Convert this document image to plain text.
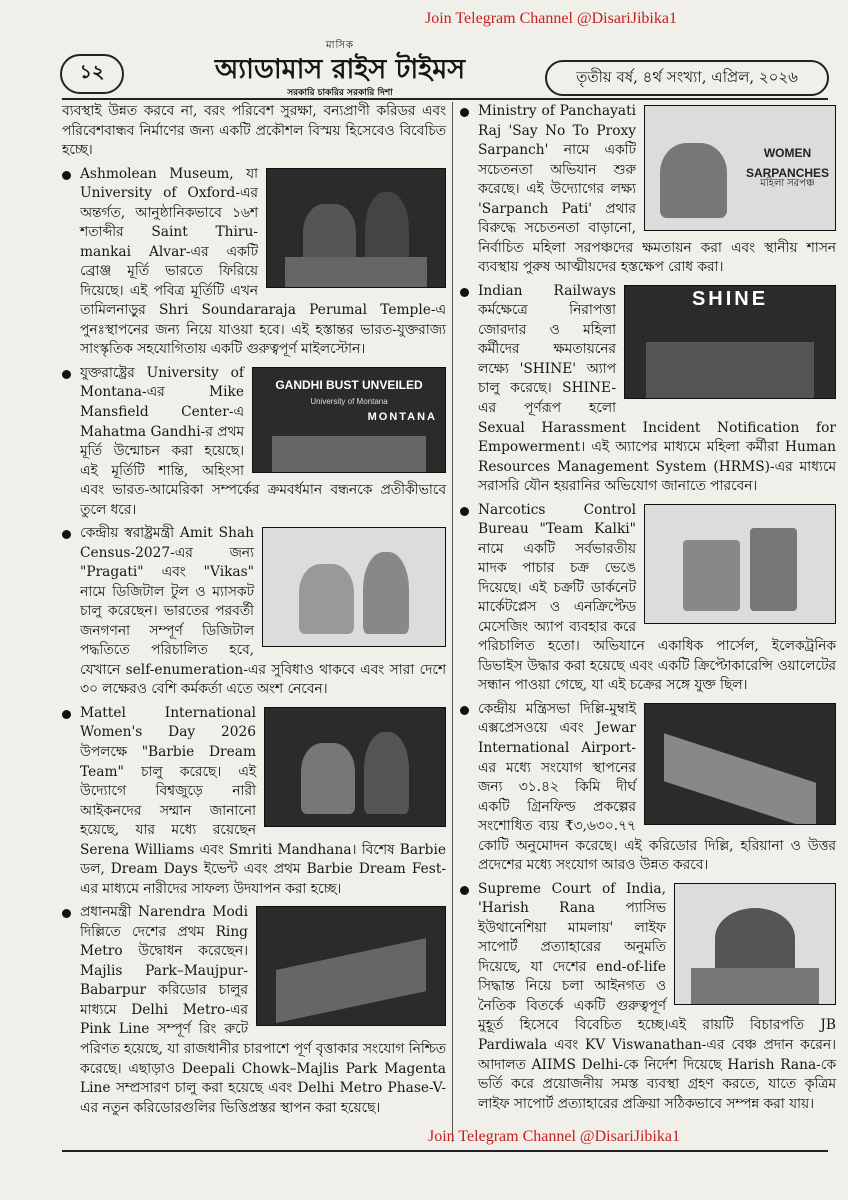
১২
মাসিক
অ্যাডামাস রাইস টাইমস
সরকারি চাকরির সরকারি দিশা
Join Telegram Channel @DisariJibika1
তৃতীয় বর্ষ, ৪র্থ সংখ্যা, এপ্রিল, ২০২৬
ব্যবস্থাই উন্নত করবে না, বরং পরিবেশ সুরক্ষা, বন্যপ্রাণী করিডর এবং পরিবেশবান্ধব নির্মাণের জন্য একটি প্রকৌশল বিস্ময় হিসেবেও বিবেচিত হচ্ছে।
Ashmolean Museum, যা University of Oxford-এর অন্তর্গত, আনুষ্ঠানিকভাবে ১৬শ শতাব্দীর Saint Thiru- mankai Alvar-এর একটি ব্রোঞ্জ মূর্তি ভারতে ফিরিয়ে দিয়েছে। এই পবিত্র মূর্তিটি এখন তামিলনাড়ুর Shri Soundararaja Perumal Temple-এ পুনঃস্থাপনের জন্য নিয়ে যাওয়া হবে। এই হস্তান্তর ভারত-যুক্তরাজ্য সাংস্কৃতিক সহযোগিতায় একটি গুরুত্বপূর্ণ মাইলস্টোন।
GANDHI BUST UNVEILED
University of Montana
MONTANA
যুক্তরাষ্ট্রের University of Montana-এর Mike Mansfield Center-এ Mahatma Gandhi-র প্রথম মূর্তি উন্মোচন করা হয়েছে। এই মূর্তিটি শান্তি, অহিংসা এবং ভারত-আমেরিকা সম্পর্কের ক্রমবর্ধমান বন্ধনকে প্রতীকীভাবে তুলে ধরে।
কেন্দ্রীয় স্বরাষ্ট্রমন্ত্রী Amit Shah Census-2027-এর জন্য "Pragati" এবং "Vikas" নামে ডিজিটাল টুল ও ম্যাসকট চালু করেছেন। ভারতের পরবর্তী জনগণনা সম্পূর্ণ ডিজিটাল পদ্ধতিতে পরিচালিত হবে, যেখানে self-enumeration-এর সুবিধাও থাকবে এবং সারা দেশে ৩০ লক্ষেরও বেশি কর্মকর্তা এতে অংশ নেবেন।
Mattel International Women's Day 2026 উপলক্ষে "Barbie Dream Team" চালু করেছে। এই উদ্যোগে বিশ্বজুড়ে নারী আইকনদের সম্মান জানানো হয়েছে, যার মধ্যে রয়েছেন Serena Williams এবং Smriti Mandhana। বিশেষ Barbie ডল, Dream Days ইভেন্ট এবং প্রথম Barbie Dream Fest-এর মাধ্যমে নারীদের সাফল্য উদযাপন করা হচ্ছে।
প্রধানমন্ত্রী Narendra Modi দিল্লিতে দেশের প্রথম Ring Metro উদ্বোধন করেছেন। Majlis Park–Maujpur-Babarpur করিডোর চালুর মাধ্যমে Delhi Metro-এর Pink Line সম্পূর্ণ রিং রুটে পরিণত হয়েছে, যা রাজধানীর চারপাশে পূর্ণ বৃত্তাকার সংযোগ নিশ্চিত করেছে। এছাড়াও Deepali Chowk–Majlis Park Magenta Line সম্প্রসারণ চালু করা হয়েছে এবং Delhi Metro Phase-V-এর নতুন করিডোরগুলির ভিত্তিপ্রস্তর স্থাপন করা হয়েছে।
WOMEN SARPANCHES
মহিলা সরপঞ্চ
Ministry of Panchayati Raj 'Say No To Proxy Sarpanch' নামে একটি সচেতনতা অভিযান শুরু করেছে। এই উদ্যোগের লক্ষ্য 'Sarpanch Pati' প্রথার বিরুদ্ধে সচেতনতা বাড়ানো, নির্বাচিত মহিলা সরপঞ্চদের ক্ষমতায়ন করা এবং স্থানীয় শাসন ব্যবস্থায় পুরুষ আত্মীয়দের হস্তক্ষেপ রোধ করা।
SHINE
Indian Railways কর্মক্ষেত্রে নিরাপত্তা জোরদার ও মহিলা কর্মীদের ক্ষমতায়নের লক্ষ্যে 'SHINE' অ্যাপ চালু করেছে। SHINE-এর পূর্ণরূপ হলো Sexual Harassment Incident Notification for Empowerment। এই অ্যাপের মাধ্যমে মহিলা কর্মীরা Human Resources Management System (HRMS)-এর মাধ্যমে সরাসরি যৌন হয়রানির অভিযোগ জানাতে পারবেন।
Narcotics Control Bureau "Team Kalki" নামে একটি সর্বভারতীয় মাদক পাচার চক্র ভেঙে দিয়েছে। এই চক্রটি ডার্কনেট মার্কেটপ্লেস ও এনক্রিপ্টেড মেসেজিং অ্যাপ ব্যবহার করে পরিচালিত হতো। অভিযানে একাধিক পার্সেল, ইলেকট্রনিক ডিভাইস উদ্ধার করা হয়েছে এবং একটি ক্রিপ্টোকারেন্সি ওয়ালেটের সন্ধান পাওয়া গেছে, যা এই চক্রের সঙ্গে যুক্ত ছিল।
কেন্দ্রীয় মন্ত্রিসভা দিল্লি-মুম্বাই এক্সপ্রেসওয়ে এবং Jewar International Airport-এর মধ্যে সংযোগ স্থাপনের জন্য ৩১.৪২ কিমি দীর্ঘ একটি গ্রিনফিল্ড প্রকল্পের সংশোধিত ব্যয় ₹৩,৬৩০.৭৭ কোটি অনুমোদন করেছে। এই করিডোর দিল্লি, হরিয়ানা ও উত্তর প্রদেশের মধ্যে সংযোগ আরও উন্নত করবে।
Supreme Court of India, 'Harish Rana প্যাসিভ ইউথানেশিয়া মামলায়' লাইফ সাপোর্ট প্রত্যাহারের অনুমতি দিয়েছে, যা দেশের end-of-life সিদ্ধান্ত নিয়ে চলা আইনগত ও নৈতিক বিতর্কে একটি গুরুত্বপূর্ণ মুহূর্ত হিসেবে বিবেচিত হচ্ছে।এই রায়টি বিচারপতি JB Pardiwala এবং KV Viswanathan-এর বেঞ্চ প্রদান করেন।আদালত AIIMS Delhi-কে নির্দেশ দিয়েছে Harish Rana-কে ভর্তি করে প্রয়োজনীয় সমস্ত ব্যবস্থা গ্রহণ করতে, যাতে কৃত্রিম লাইফ সাপোর্ট প্রত্যাহারের প্রক্রিয়া সঠিকভাবে সম্পন্ন করা যায়।
Join Telegram Channel @DisariJibika1
